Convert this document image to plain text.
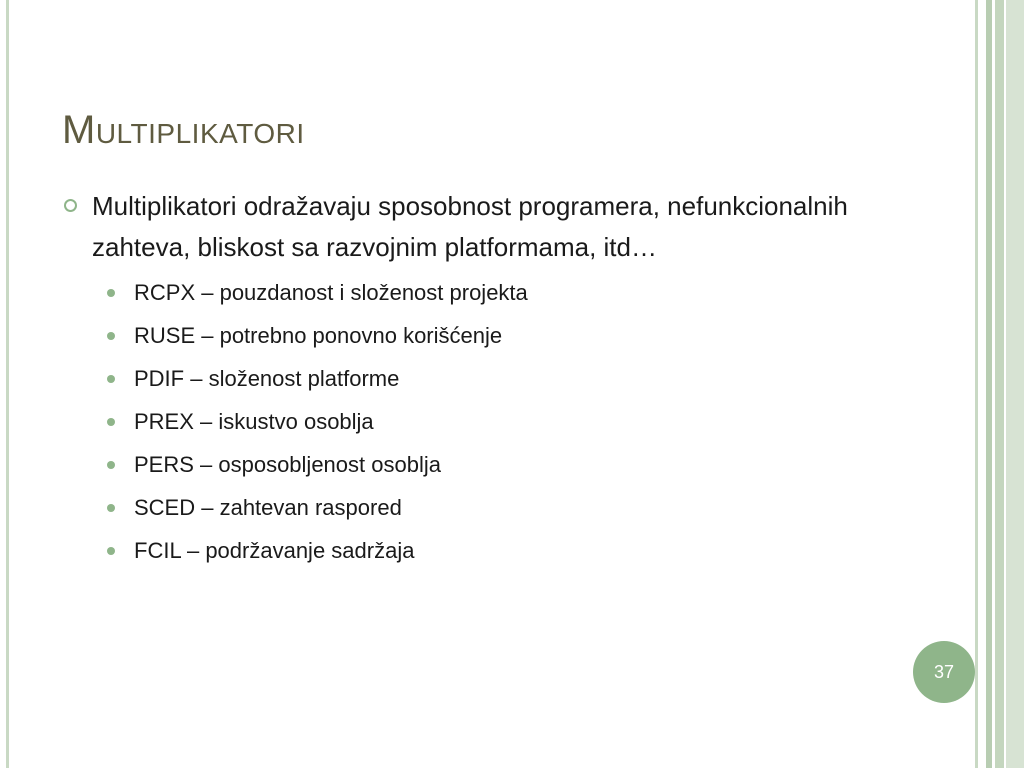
Multiplikatori
Multiplikatori odražavaju sposobnost programera, nefunkcionalnih zahteva, bliskost sa razvojnim platformama, itd…
RCPX – pouzdanost i složenost projekta
RUSE – potrebno ponovno korišćenje
PDIF – složenost platforme
PREX – iskustvo osoblja
PERS – osposobljenost osoblja
SCED – zahtevan raspored
FCIL – podržavanje sadržaja
37
